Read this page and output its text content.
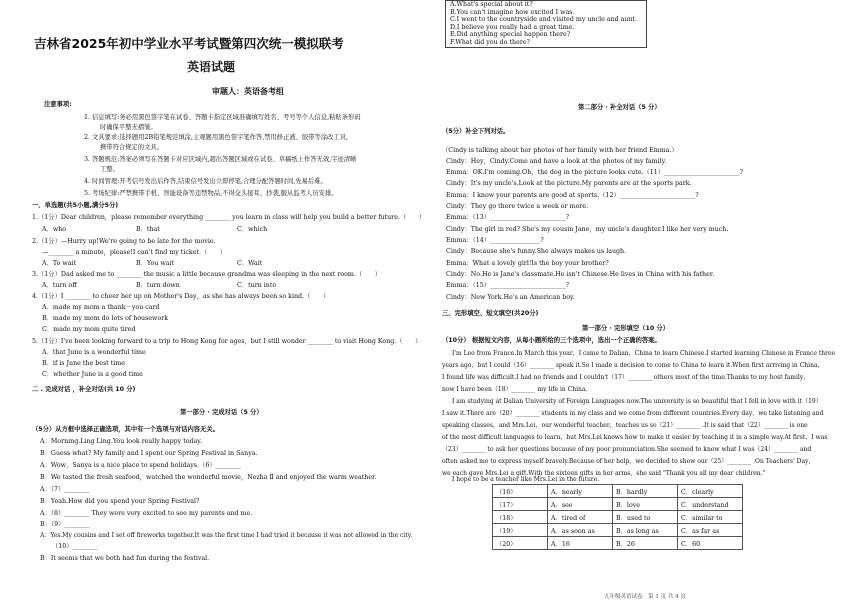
吉林省2025年初中学业水平考试暨第四次统一模拟联考
英语试题
审题人：英语备考组
注意事项:
1. 信息填写:务必用黑色签字笔在试卷、答题卡指定区域准确填写姓名、考号等个人信息,粘贴条形码
时确保平整无褶皱。
2. 文具要求:选择题用2B铅笔规范填涂,主观题用黑色签字笔作答,禁用修正液、胶带等涂改工具,
携带符合规定的文具。
3. 答题规范:答案必须写在答题卡对应区域内,超出答题区域或在试卷、草稿纸上作答无效,字迹清晰
工整。
4. 时间管理:开考信号发出后作答,结束信号发出立即停笔,合理分配答题时间,先易后难。
5. 考场纪律:严禁携带手机、智能设备等违禁物品,不得交头接耳、抄袭,服从监考人员安排。
一、单选题(共5小题,满分5分)
1.（1分）Dear children，please remember everything ________ you learn in class will help you build a better future.（　　）
A．who	B．that	C．which
2.（1分）—Hurry up!We're going to be late for the movie.
—________ a minute，please!I can't find my ticket.（　　）
A．To wait	B．You wait	C．Wait
3.（1分）Dad asked me to ________ the music a little because grandma was sleeping in the next room.（　　）
A．turn off	B．turn down	C．turn into
4.（1分）I ________ to cheer her up on Mother's Day，as she has always been so kind.（　　）
A．made my mom a thank－you card
B．made my mom do lots of housework
C．made my mom quite tired
5.（1分）I've been looking forward to a trip to Hong Kong for ages，but I still wonder ________ to visit Hong Kong.（　　）
A．that June is a wonderful time
B．if is June the best time
C．whether June is a good time
二 . 完成对话 ，补全对话(共 10 分)
第一部分 · 完成对话（5 分）
（5分）从方框中选择正确选项，其中有一个选项与对话内容无关。
A：Morning.Ling Ling.You look really happy today.
B：Guess what? My family and I spent our Spring Festival in Sanya.
A：Wow，Sanya is a nice place to spend holidays.（6）________
B：We tasted the fresh seafood，watched the wonderful movie，Nezha Ⅱ and enjoyed the warm weather.
A：（7）________
B：Yeah.How did you spend your Spring Festival?
A：（8）________ They were very excited to see my parents and me.
B：（9）________
A：Yes.My cousins and I set off fireworks together.It was the first time I had tried it because it was not allowed in the city.
（10）________
B：It seems that we both had fun during the festival.
A.What's special about it?
B.You can't imagine how excited I was.
C.I went to the countryside and visited my uncle and aunt.
D.I believe you really had a great time.
E.Did anything special happen there?
F.What did you do there?
第二部分 · 补全对话（5 分）
（5分）补全下列对话。
（Cindy is talking about her photos of her family with her friend Emma.）
Cindy：Hey，Cindy.Come and have a look at the photos of my family.
Emma：OK.I'm coming.Oh，the dog in the picture looks cute.（11）________________________?
Cindy：It's my uncle's.Look at the picture.My parents are at the sports park.
Emma：I know your parents are good at sports.（12）________________________?
Cindy：They go there twice a week or more.
Emma：（13）________________________?
Cindy：The girl in red? She's my cousin Jane，my uncle's daughter.I like her very much.
Emma：（14）________________?
Cindy：Because she's funny.She always makes us laugh.
Emma：What a lovely girl!Is the boy your brother?
Cindy：No.He is Jane's classmate.He isn't Chinese.He lives in China with his father.
Emma：（15）________________________?
Cindy：New York.He's an American boy.
三、完形填空、短文填空(共20分)
第一部分 · 完形填空（10 分）
（10分） 根据短文内容，从每小题所给的三个选项中，选出一个正确的答案。
I'm Leo from France.In March this year，I came to Dalian，China to learn Chinese.I started learning Chinese in France three
years ago，but I could（16）________ speak it.So I made a decision to come to China to learn it.When first arriving in China，
I found life was difficult.I had no friends and I couldn't（17）________ others most of the time.Thanks to my host family，
now I have been（18）________ my life in China.
I am studying at Dalian University of Foreign Languages now.The university is so beautiful that I fell in love with it（19）
I saw it.There are（20）________ students in my class and we come from different countries.Every day，we take listening and
speaking classes，and Mrs.Lei，our wonderful teacher，teaches us so（21）________ .It is said that（22）________ is one
of the most difficult languages to learn，but Mrs.Lei knows how to make it easier by teaching it in a simple way.At first，I was
（23）________ to ask her questions because of my poor pronunciation.She seemed to know what I was（24）________ and
often asked me to express myself bravely.Because of her help，we decided to show our（25）________ .On Teachers' Day，
we each gave Mrs.Lei a gift.With the sixteen gifts in her arms，she said "Thank you all my dear children."
（16）	A．nearly	B．hardly	C．clearly
（17）	A．see	B．love	C．understand
（18）	A．tired of	B．used to	C．similar to
（19）	A．as soon as	B．as long as	C．as far as
（20）	A．16	B．26	C．60
I hope to be a teacher like Mrs.Lei in the future.
九年级英语试卷　第 1 页 共 4 页
